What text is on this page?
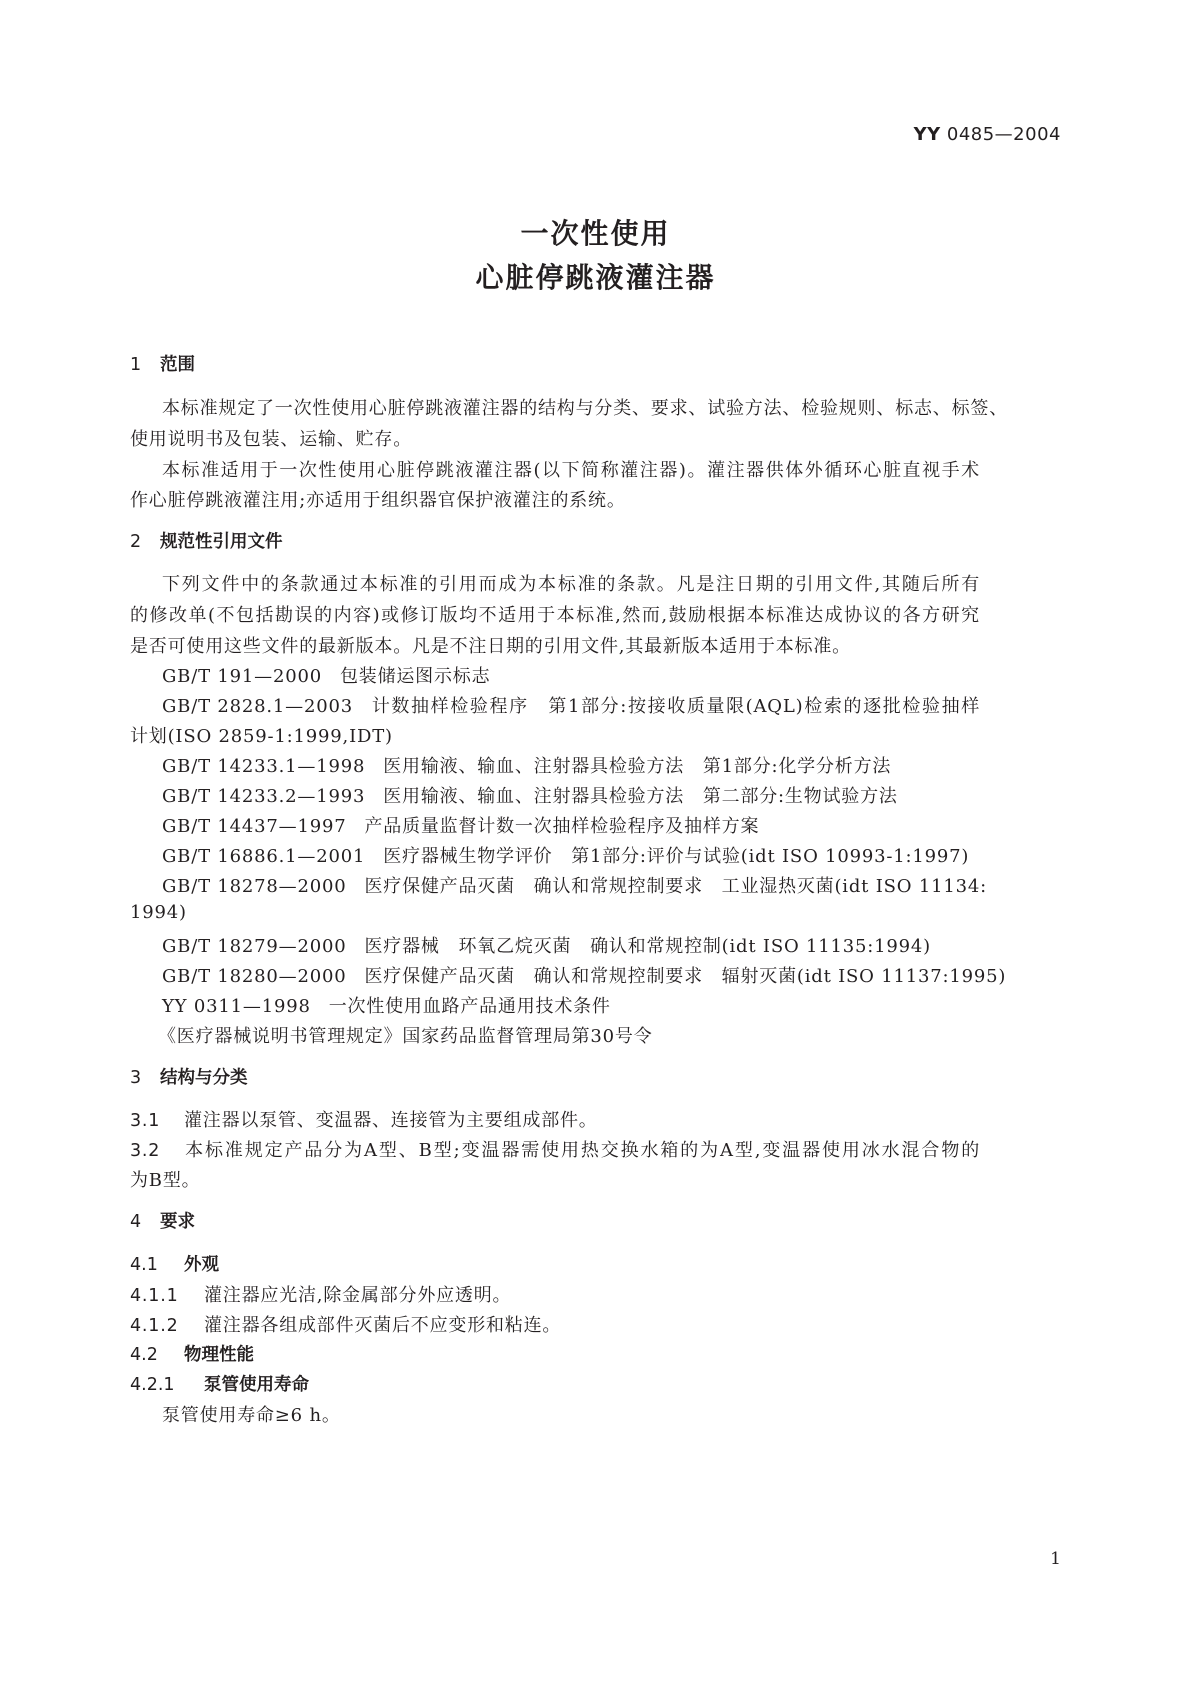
YY 0485—2004
一次性使用
心脏停跳液灌注器
1 范围
本标准规定了一次性使用心脏停跳液灌注器的结构与分类、要求、试验方法、检验规则、标志、标签、
使用说明书及包装、运输、贮存。
本标准适用于一次性使用心脏停跳液灌注器(以下简称灌注器)。灌注器供体外循环心脏直视手术
作心脏停跳液灌注用;亦适用于组织器官保护液灌注的系统。
2 规范性引用文件
下列文件中的条款通过本标准的引用而成为本标准的条款。凡是注日期的引用文件,其随后所有
的修改单(不包括勘误的内容)或修订版均不适用于本标准,然而,鼓励根据本标准达成协议的各方研究
是否可使用这些文件的最新版本。凡是不注日期的引用文件,其最新版本适用于本标准。
GB/T 191—2000 包装储运图示标志
GB/T 2828.1—2003 计数抽样检验程序　第1部分:按接收质量限(AQL)检索的逐批检验抽样
计划(ISO 2859-1:1999,IDT)
GB/T 14233.1—1998 医用输液、输血、注射器具检验方法　第1部分:化学分析方法
GB/T 14233.2—1993 医用输液、输血、注射器具检验方法　第二部分:生物试验方法
GB/T 14437—1997 产品质量监督计数一次抽样检验程序及抽样方案
GB/T 16886.1—2001 医疗器械生物学评价　第1部分:评价与试验(idt ISO 10993-1:1997)
GB/T 18278—2000 医疗保健产品灭菌　确认和常规控制要求　工业湿热灭菌(idt ISO 11134:
1994)
GB/T 18279—2000 医疗器械　环氧乙烷灭菌　确认和常规控制(idt ISO 11135:1994)
GB/T 18280—2000 医疗保健产品灭菌　确认和常规控制要求　辐射灭菌(idt ISO 11137:1995)
YY 0311—1998 一次性使用血路产品通用技术条件
《医疗器械说明书管理规定》国家药品监督管理局第30号令
3 结构与分类
3.1 灌注器以泵管、变温器、连接管为主要组成部件。
3.2 本标准规定产品分为A型、B型;变温器需使用热交换水箱的为A型,变温器使用冰水混合物的
为B型。
4 要求
4.1 外观
4.1.1 灌注器应光洁,除金属部分外应透明。
4.1.2 灌注器各组成部件灭菌后不应变形和粘连。
4.2 物理性能
4.2.1 泵管使用寿命
泵管使用寿命≥6 h。
1
